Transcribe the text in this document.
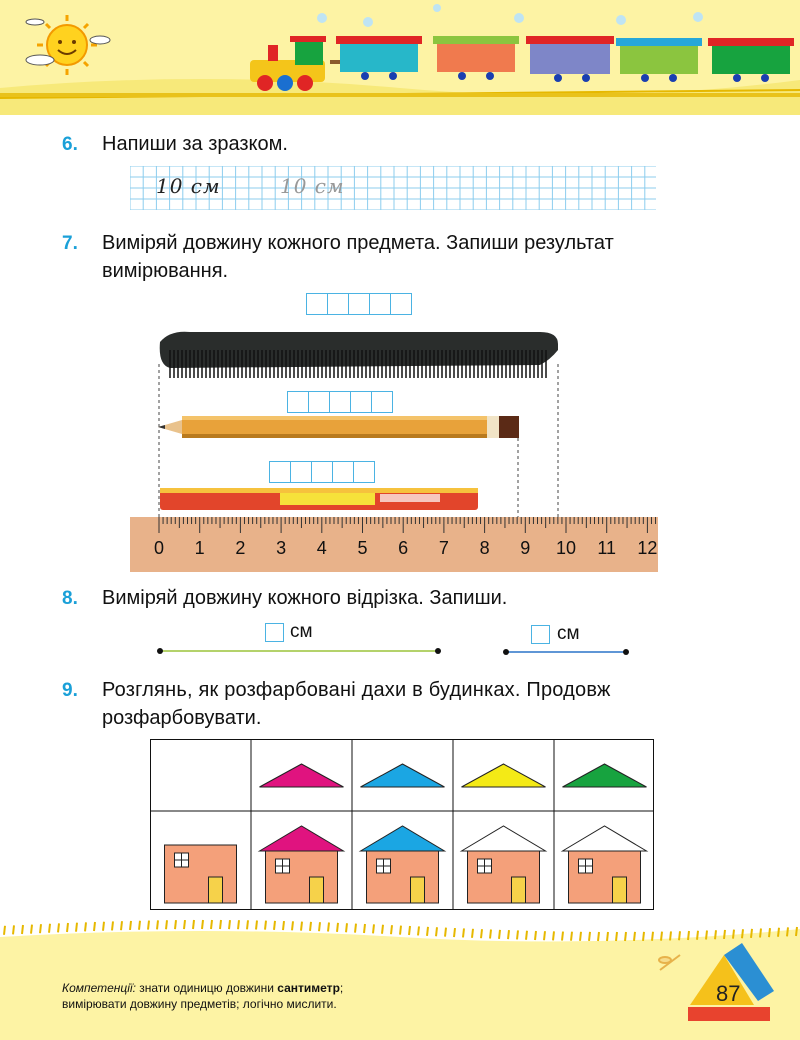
6. Напиши за зразком.
10 см	10 см
7. Виміряй довжину кожного предмета. Запиши результат
вимірювання.
0 1 2 3 4 5 6 7 8 9 10 11 12
8. Виміряй довжину кожного відрізка. Запиши.
см	см
9. Розглянь, як розфарбовані дахи в будинках. Продовж
розфарбовувати.
Компетенції: знати одиницю довжини сантиметр;
вимірювати довжину предметів; логічно мислити.	87
